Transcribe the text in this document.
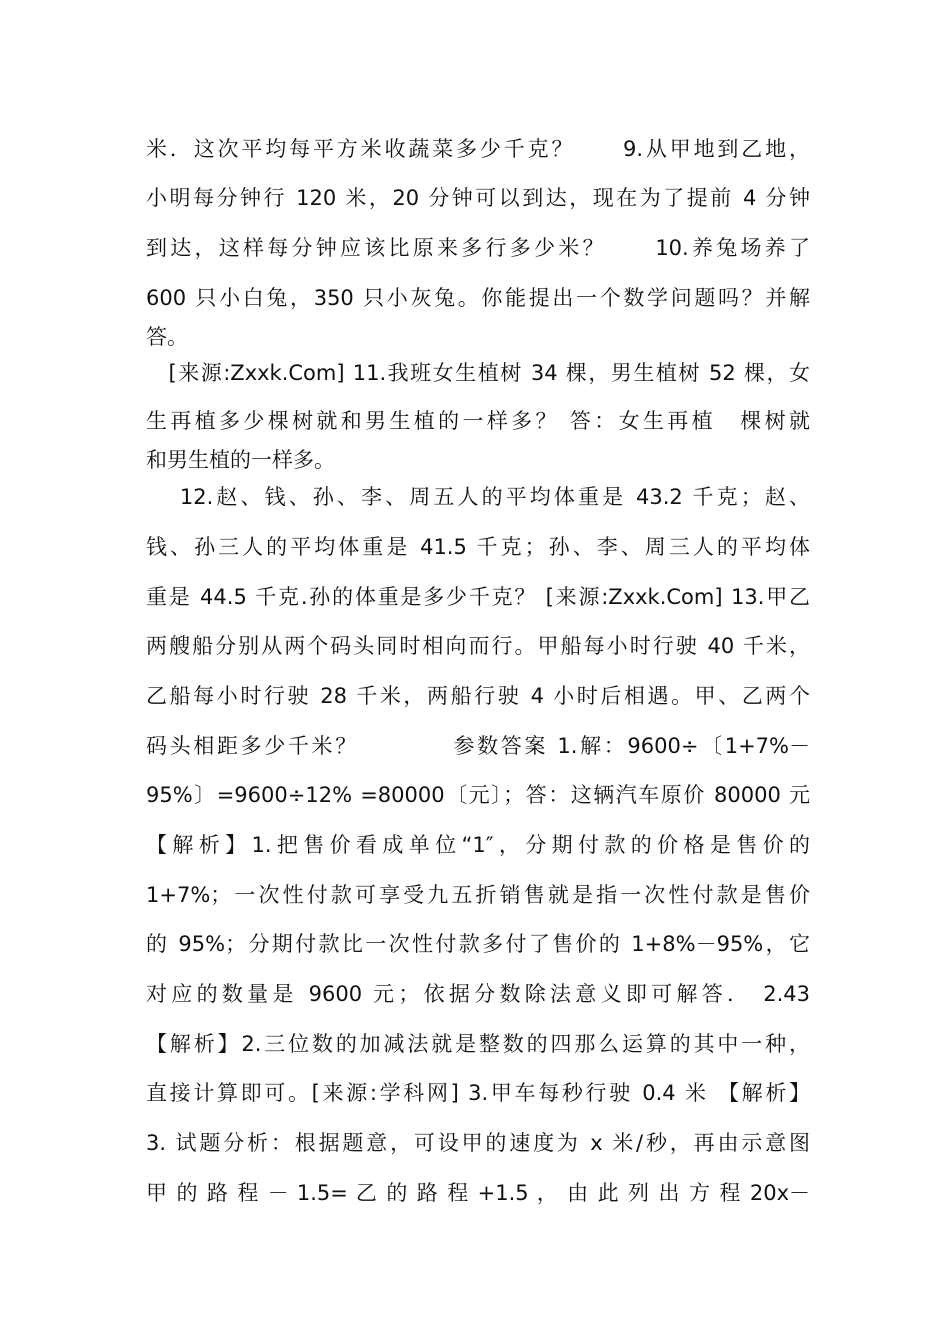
米．这次平均每平方米收蔬菜多少千克？　　9.从甲地到乙地，
小明每分钟行 120 米，20 分钟可以到达，现在为了提前 4 分钟
到达，这样每分钟应该比原来多行多少米？　　10.养兔场养了
600 只小白兔，350 只小灰兔。你能提出一个数学问题吗？并解
答。
　[来源:Zxxk.Com] 11.我班女生植树 34 棵，男生植树 52 棵，女
生再植多少棵树就和男生植的一样多？ 答：女生再植　棵树就
和男生植的一样多。
　 12.赵、钱、孙、李、周五人的平均体重是 43.2 千克；赵、
钱、孙三人的平均体重是 41.5 千克；孙、李、周三人的平均体
重是 44.5 千克.孙的体重是多少千克？ [来源:Zxxk.Com] 13.甲乙
两艘船分别从两个码头同时相向而行。甲船每小时行驶 40 千米，
乙船每小时行驶 28 千米，两船行驶 4 小时后相遇。甲、乙两个
码头相距多少千米？　　　　参数答案 1.解：9600÷〔1+7%－
95%〕=9600÷12% =80000〔元〕；答：这辆汽车原价 80000 元
【解析】1.把售价看成单位“1″，分期付款的价格是售价的
1+7%；一次性付款可享受九五折销售就是指一次性付款是售价
的 95%；分期付款比一次性付款多付了售价的 1+8%－95%，它
对应的数量是 9600 元；依据分数除法意义即可解答． 2.43
【解析】2.三位数的加减法就是整数的四那么运算的其中一种，
直接计算即可。[来源:学科网] 3.甲车每秒行驶 0.4 米 【解析】
3. 试题分析：根据题意，可设甲的速度为 x 米/秒，再由示意图
甲 的 路 程 － 1.5= 乙 的 路 程 +1.5 ， 由 此 列 出 方 程 20x－
